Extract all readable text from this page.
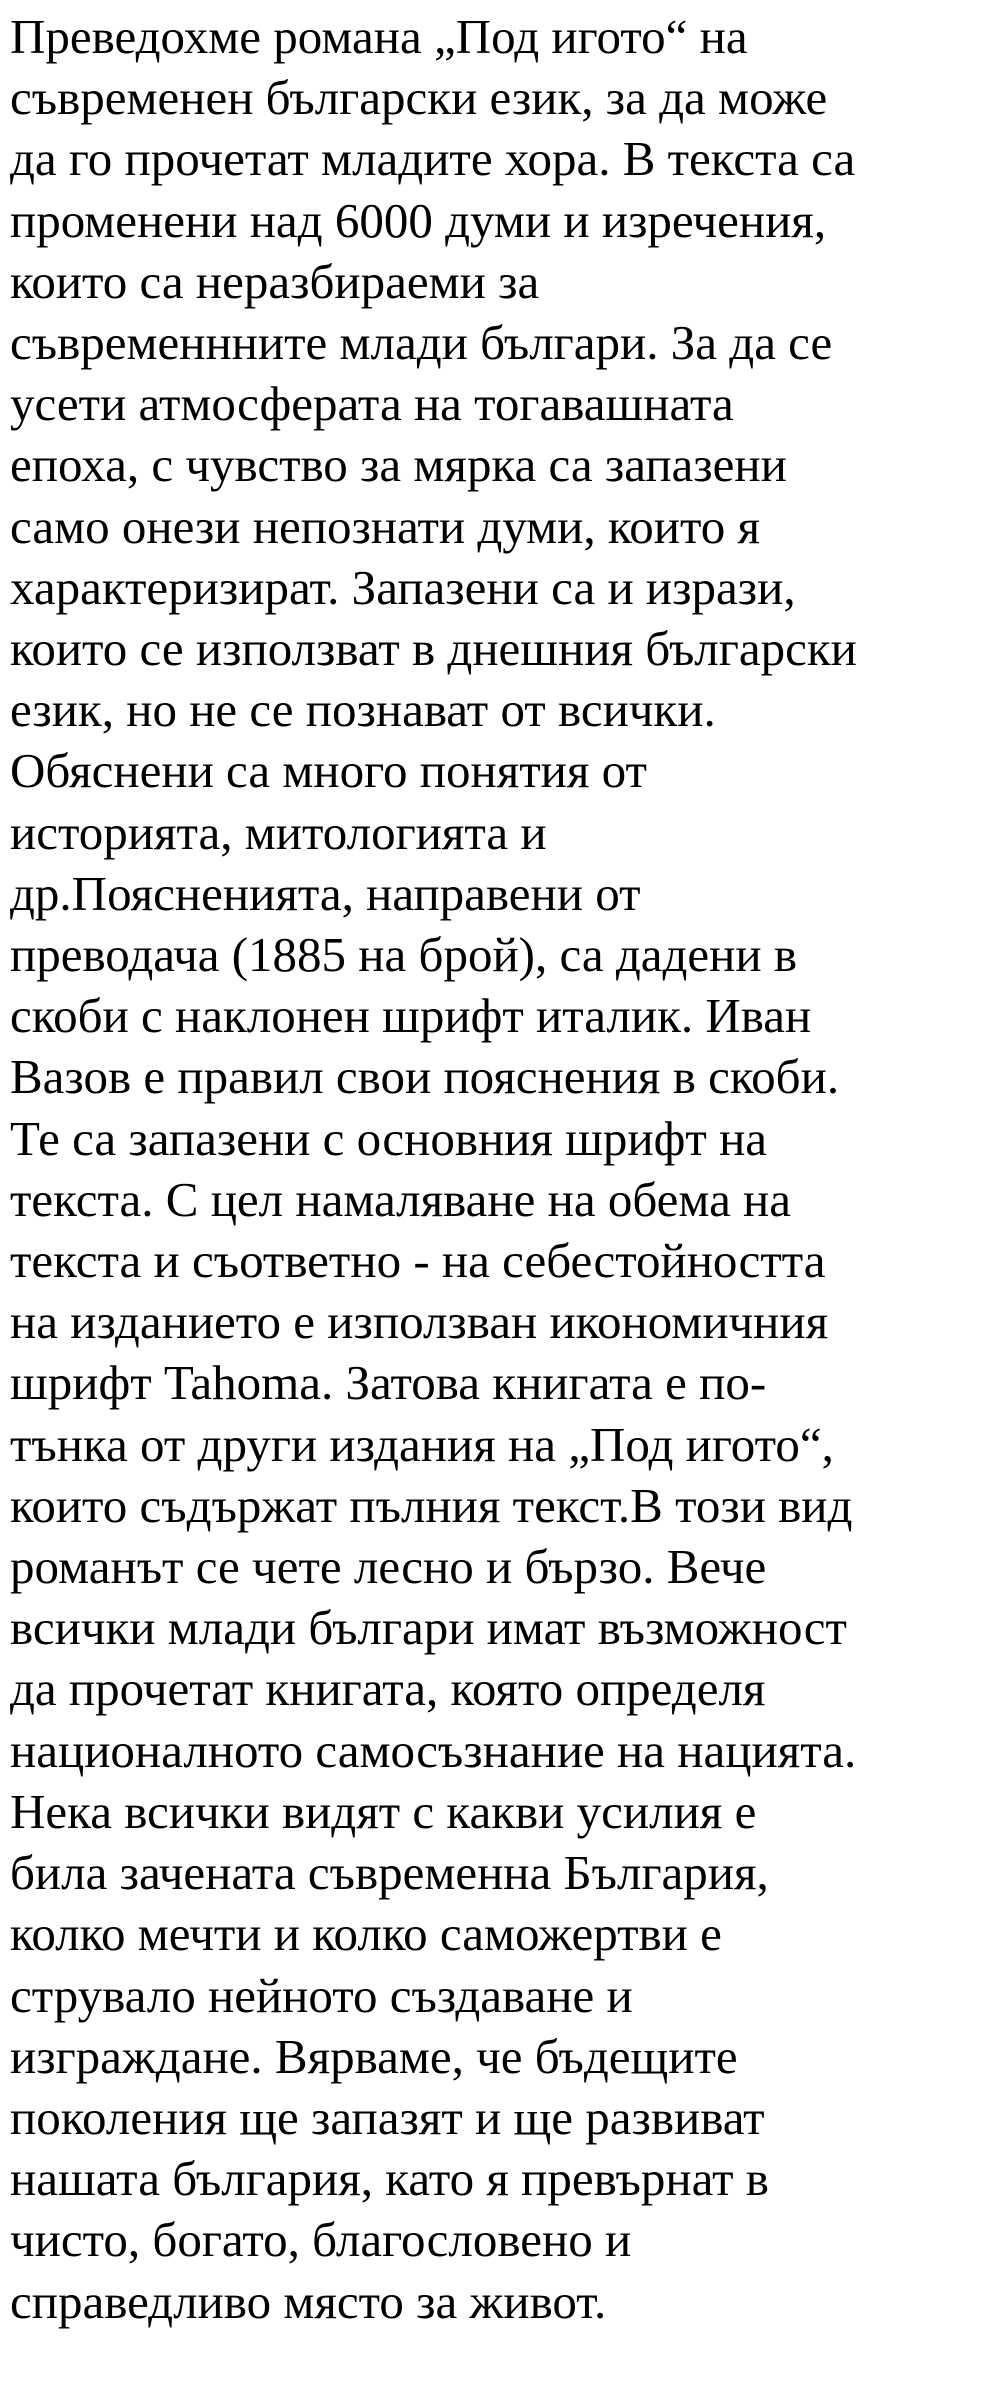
Преведохме романа „Под игото“ на
съвременен български език, за да може
да го прочетат младите хора. В текста са
променени над 6000 думи и изречения,
които са неразбираеми за
съвременнните млади българи. За да се
усети атмосферата на тогавашната
епоха, с чувство за мярка са запазени
само онези непознати думи, които я
характеризират. Запазени са и изрази,
които се използват в днешния български
език, но не се познават от всички.
Обяснени са много понятия от
историята, митологията и
др.Поясненията, направени от
преводача (1885 на брой), са дадени в
скоби с наклонен шрифт италик. Иван
Вазов е правил свои пояснения в скоби.
Те са запазени с основния шрифт на
текста. С цел намаляване на обема на
текста и съответно - на себестойността
на изданието е използван икономичния
шрифт Tahoma. Затова книгата е по-
тънка от други издания на „Под игото“,
които съдържат пълния текст.В този вид
романът се чете лесно и бързо. Вече
всички млади българи имат възможност
да прочетат книгата, която определя
националното самосъзнание на нацията.
Нека всички видят с какви усилия е
била зачената съвременна България,
колко мечти и колко саможертви е
струвало нейното създаване и
изграждане. Вярваме, че бъдещите
поколения ще запазят и ще развиват
нашата българия, като я превърнат в
чисто, богато, благословено и
справедливо място за живот.
